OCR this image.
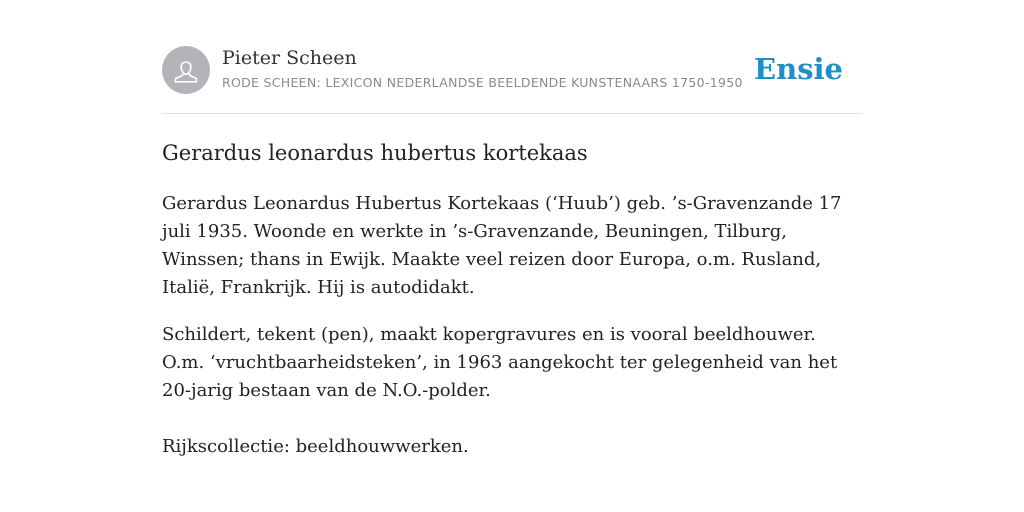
Pieter Scheen
RODE SCHEEN: LEXICON NEDERLANDSE BEELDENDE KUNSTENAARS 1750-1950 Ensie
Gerardus leonardus hubertus kortekaas

Gerardus Leonardus Hubertus Kortekaas (‘Huub’) geb. ’s-Gravenzande 17 juli 1935. Woonde en werkte in ’s-Gravenzande, Beuningen, Tilburg, Winssen; thans in Ewijk. Maakte veel reizen door Europa, o.m. Rusland, Italië, Frankrijk. Hij is autodidakt.

Schildert, tekent (pen), maakt kopergravures en is vooral beeldhouwer. O.m. ‘vruchtbaarheidsteken’, in 1963 aangekocht ter gelegenheid van het 20-jarig bestaan van de N.O.-polder.

Rijkscollectie: beeldhouwwerken.
